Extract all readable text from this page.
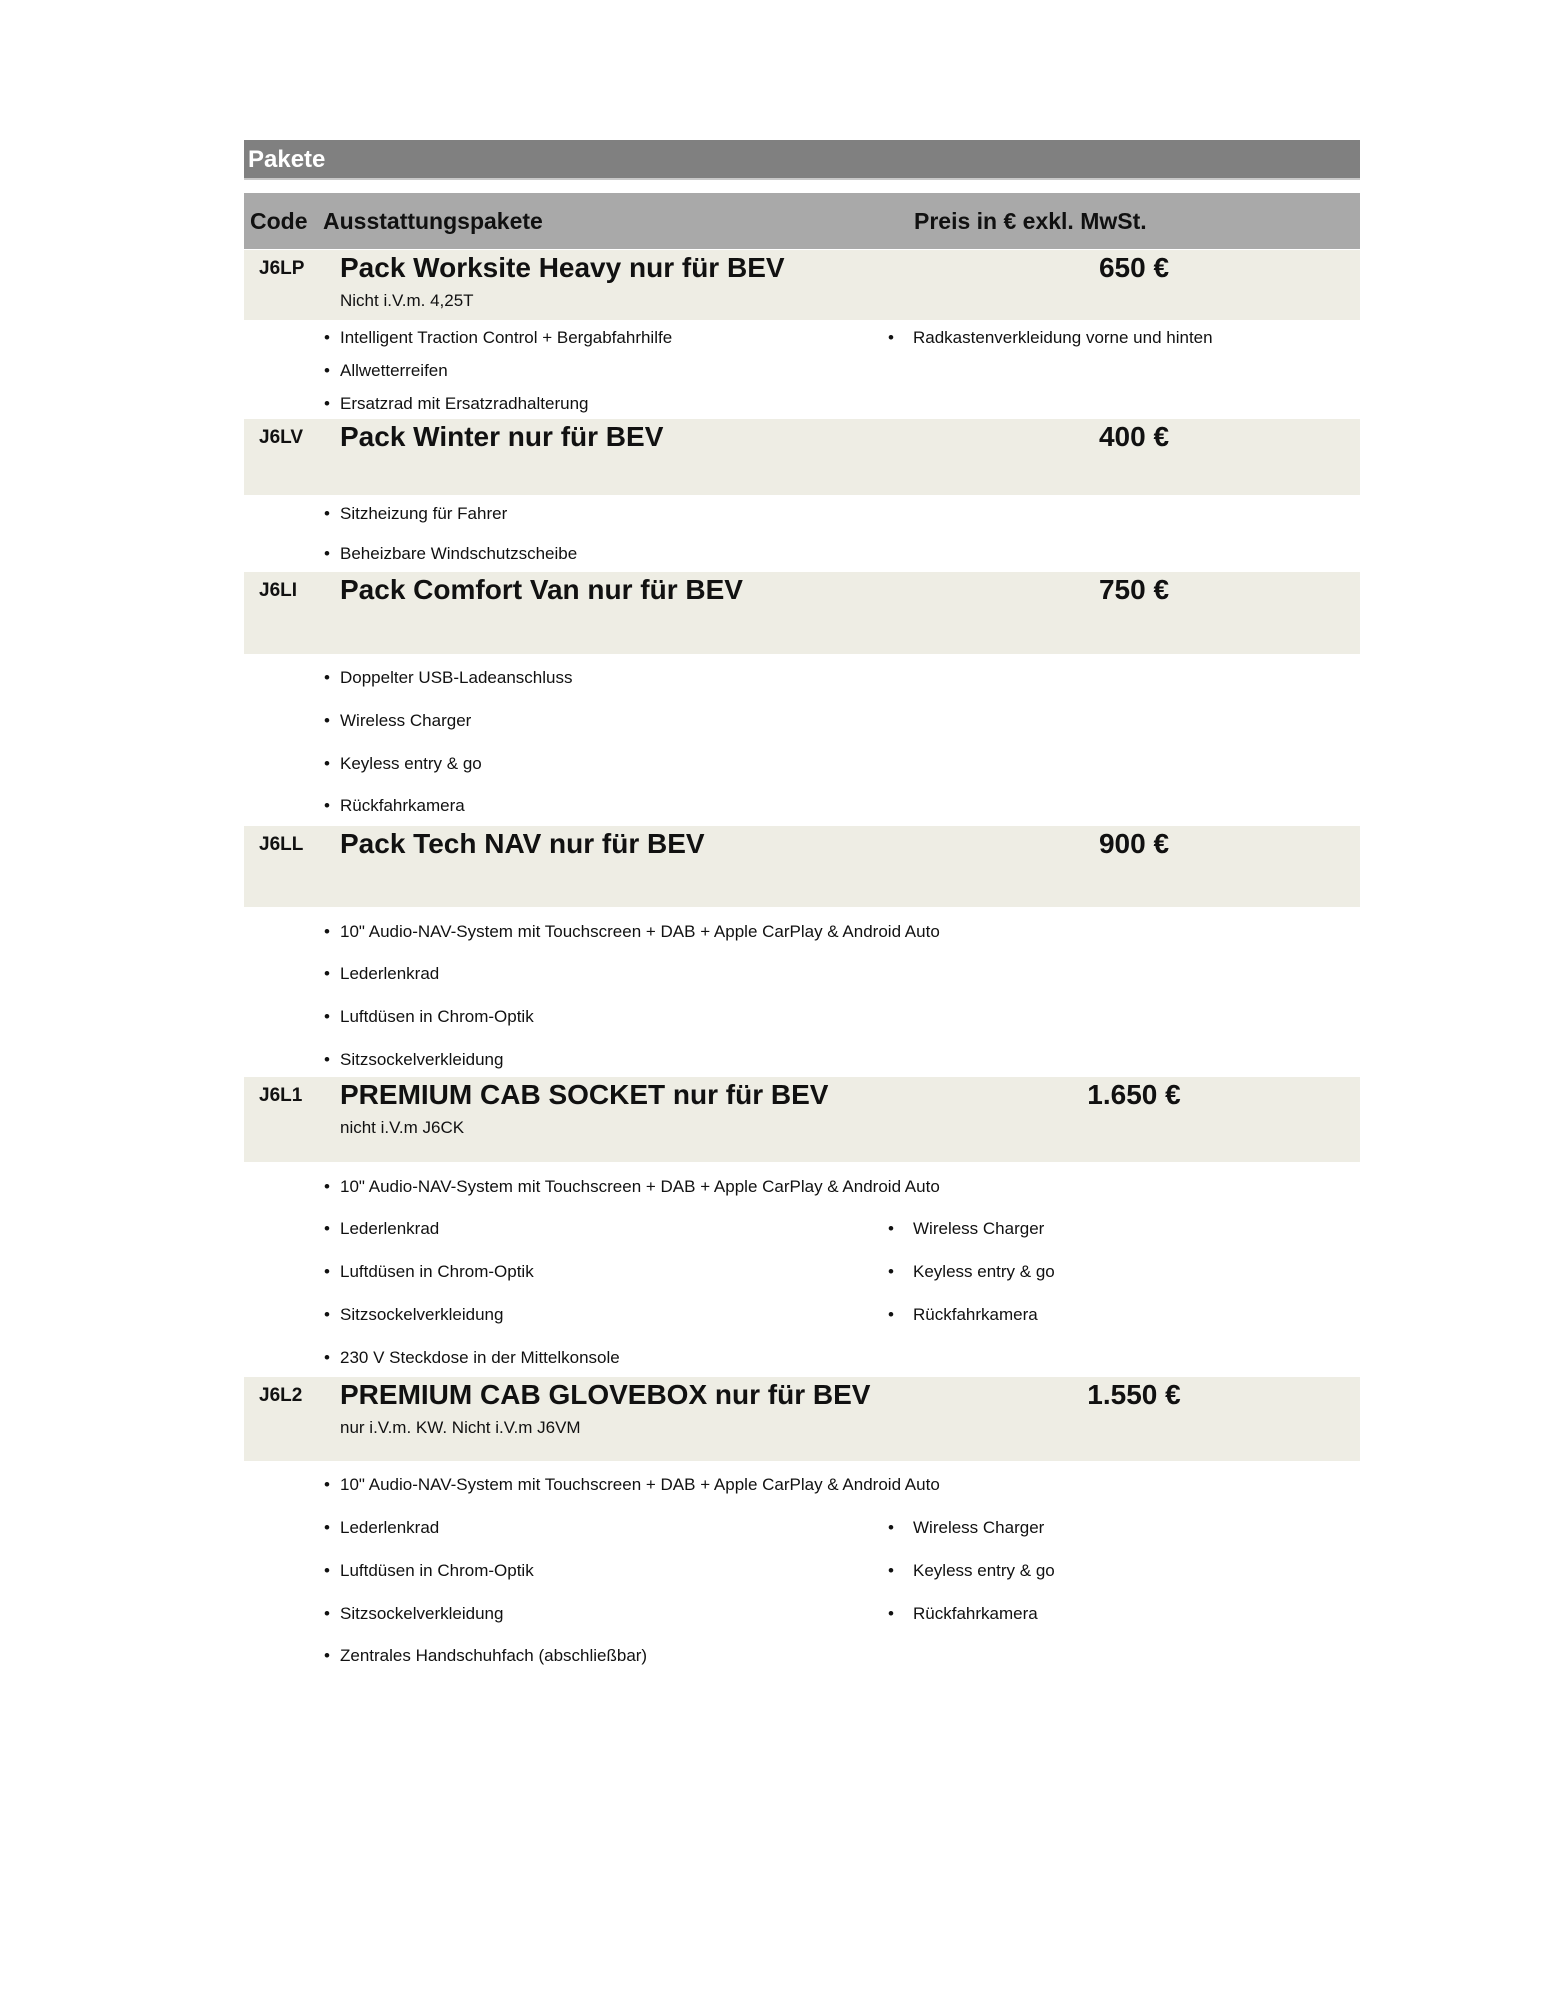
Pakete
Code Ausstattungspakete	Preis in € exkl. MwSt.
J6LP Pack Worksite Heavy nur für BEV	650 €
Nicht i.V.m. 4,25T
• Intelligent Traction Control + Bergabfahrhilfe
• Allwetterreifen
• Ersatzrad mit Ersatzradhalterung
• Radkastenverkleidung vorne und hinten
J6LV Pack Winter nur für BEV	400 €
• Sitzheizung für Fahrer
• Beheizbare Windschutzscheibe
J6LI Pack Comfort Van nur für BEV	750 €
• Doppelter USB-Ladeanschluss
• Wireless Charger
• Keyless entry & go
• Rückfahrkamera
J6LL Pack Tech NAV nur für BEV	900 €
• 10" Audio-NAV-System mit Touchscreen + DAB + Apple CarPlay & Android Auto
• Lederlenkrad
• Luftdüsen in Chrom-Optik
• Sitzsockelverkleidung
J6L1 PREMIUM CAB SOCKET nur für BEV	1.650 €
nicht i.V.m J6CK
• 10" Audio-NAV-System mit Touchscreen + DAB + Apple CarPlay & Android Auto
• Lederlenkrad
• Luftdüsen in Chrom-Optik
• Sitzsockelverkleidung
• 230 V Steckdose in der Mittelkonsole
• Wireless Charger
• Keyless entry & go
• Rückfahrkamera
J6L2 PREMIUM CAB GLOVEBOX nur für BEV	1.550 €
nur i.V.m. KW. Nicht i.V.m J6VM
• 10" Audio-NAV-System mit Touchscreen + DAB + Apple CarPlay & Android Auto
• Lederlenkrad
• Luftdüsen in Chrom-Optik
• Sitzsockelverkleidung
• Zentrales Handschuhfach (abschließbar)
• Wireless Charger
• Keyless entry & go
• Rückfahrkamera
